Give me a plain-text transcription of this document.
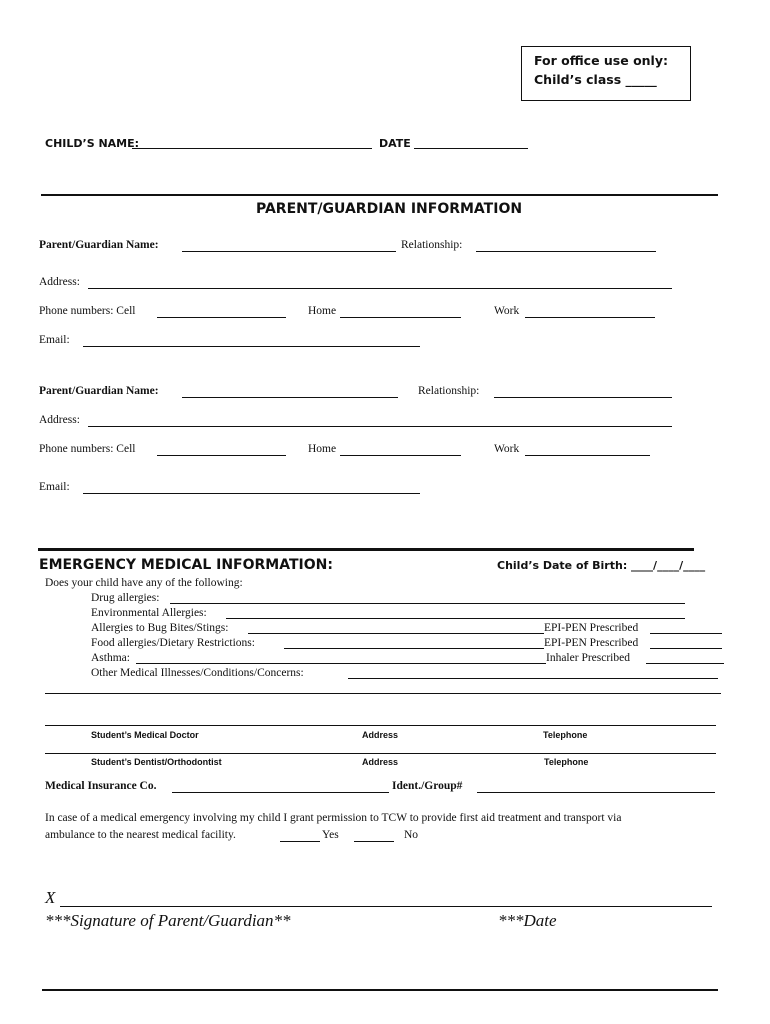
For office use only:
Child’s class _____
CHILD’S NAME:	DATE
PARENT/GUARDIAN INFORMATION
Parent/Guardian Name:	Relationship:
Address:
Phone numbers: Cell	Home	Work
Email:
Parent/Guardian Name:	Relationship:
Address:
Phone numbers: Cell	Home	Work
Email:
EMERGENCY MEDICAL INFORMATION:	Child’s Date of Birth: ____/____/____
Does your child have any of the following:
Drug allergies:
Environmental Allergies:
Allergies to Bug Bites/Stings:	EPI-PEN Prescribed
Food allergies/Dietary Restrictions:	EPI-PEN Prescribed
Asthma:	Inhaler Prescribed
Other Medical Illnesses/Conditions/Concerns:
Student’s Medical Doctor	Address	Telephone
Student’s Dentist/Orthodontist	Address	Telephone
Medical Insurance Co.	Ident./Group#
In case of a medical emergency involving my child I grant permission to TCW to provide first aid treatment and transport via
ambulance to the nearest medical facility.	Yes	No
X
***Signature of Parent/Guardian**	***Date
